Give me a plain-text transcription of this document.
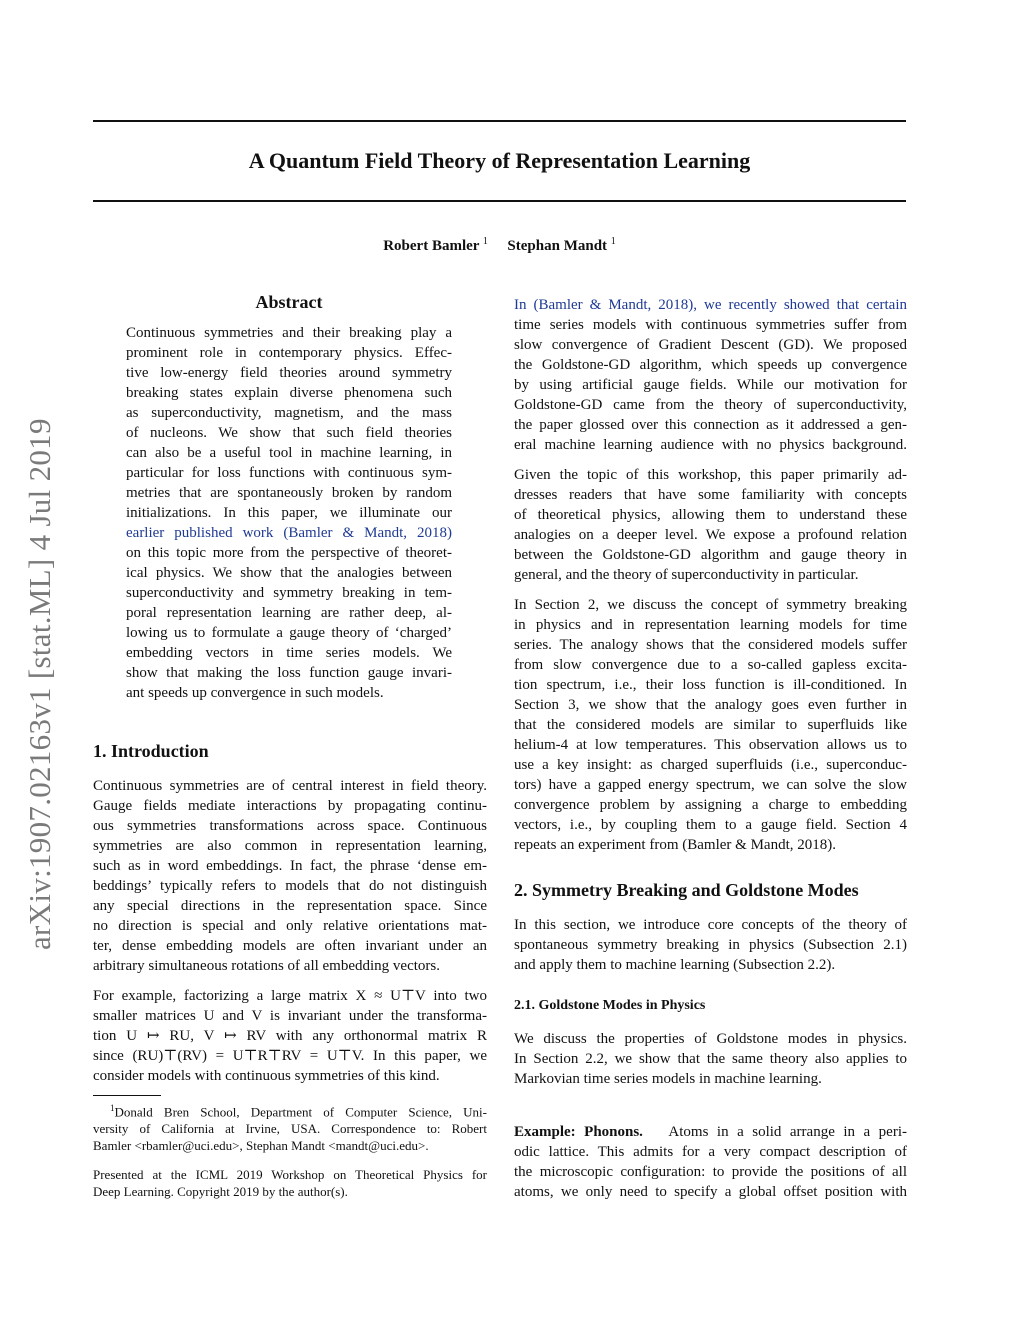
arXiv:1907.02163v1 [stat.ML] 4 Jul 2019
A Quantum Field Theory of Representation Learning
Robert Bamler $^1$ Stephan Mandt $^1$
Abstract

Continuous symmetries and their breaking play a

prominent role in contemporary physics. Effec-

tive low-energy field theories around symmetry

breaking states explain diverse phenomena such

as superconductivity, magnetism, and the mass

of nucleons. We show that such field theories

can also be a useful tool in machine learning, in

particular for loss functions with continuous sym-

metries that are spontaneously broken by random

initializations. In this paper, we illuminate our

earlier published work (Bamler & Mandt, 2018)

on this topic more from the perspective of theoret-

ical physics. We show that the analogies between

superconductivity and symmetry breaking in tem-

poral representation learning are rather deep, al-

lowing us to formulate a gauge theory of ‘charged’

embedding vectors in time series models. We

show that making the loss function gauge invari-

ant speeds up convergence in such models.

1. Introduction

Continuous symmetries are of central interest in field theory.

Gauge fields mediate interactions by propagating continu-

ous symmetries transformations across space. Continuous

symmetries are also common in representation learning,

such as in word embeddings. In fact, the phrase ‘dense em-

beddings’ typically refers to models that do not distinguish

any special directions in the representation space. Since

no direction is special and only relative orientations mat-

ter, dense embedding models are often invariant under an

arbitrary simultaneous rotations of all embedding vectors.

For example, factorizing a large matrix X ≈ U⊤V into two

smaller matrices U and V is invariant under the transforma-

tion U ↦ RU, V ↦ RV with any orthonormal matrix R

since (RU)⊤(RV) = U⊤R⊤RV = U⊤V. In this paper, we

consider models with continuous symmetries of this kind.

$^1$Donald Bren School, Department of Computer Science, Uni-

versity of California at Irvine, USA. Correspondence to: Robert

Bamler <rbamler@uci.edu>, Stephan Mandt <mandt@uci.edu>.

Presented at the ICML 2019 Workshop on Theoretical Physics for

Deep Learning. Copyright 2019 by the author(s).

In (Bamler & Mandt, 2018), we recently showed that certain

time series models with continuous symmetries suffer from

slow convergence of Gradient Descent (GD). We proposed

the Goldstone-GD algorithm, which speeds up convergence

by using artificial gauge fields. While our motivation for

Goldstone-GD came from the theory of superconductivity,

the paper glossed over this connection as it addressed a gen-

eral machine learning audience with no physics background.

Given the topic of this workshop, this paper primarily ad-

dresses readers that have some familiarity with concepts

of theoretical physics, allowing them to understand these

analogies on a deeper level. We expose a profound relation

between the Goldstone-GD algorithm and gauge theory in

general, and the theory of superconductivity in particular.

In Section 2, we discuss the concept of symmetry breaking

in physics and in representation learning models for time

series. The analogy shows that the considered models suffer

from slow convergence due to a so-called gapless excita-

tion spectrum, i.e., their loss function is ill-conditioned. In

Section 3, we show that the analogy goes even further in

that the considered models are similar to superfluids like

helium-4 at low temperatures. This observation allows us to

use a key insight: as charged superfluids (i.e., superconduc-

tors) have a gapped energy spectrum, we can solve the slow

convergence problem by assigning a charge to embedding

vectors, i.e., by coupling them to a gauge field. Section 4

repeats an experiment from (Bamler & Mandt, 2018).

2. Symmetry Breaking and Goldstone Modes

In this section, we introduce core concepts of the theory of

spontaneous symmetry breaking in physics (Subsection 2.1)

and apply them to machine learning (Subsection 2.2).

2.1. Goldstone Modes in Physics

We discuss the properties of Goldstone modes in physics.

In Section 2.2, we show that the same theory also applies to

Markovian time series models in machine learning.

Example: Phonons. Atoms in a solid arrange in a peri-

odic lattice. This admits for a very compact description of

the microscopic configuration: to provide the positions of all

atoms, we only need to specify a global offset position with
